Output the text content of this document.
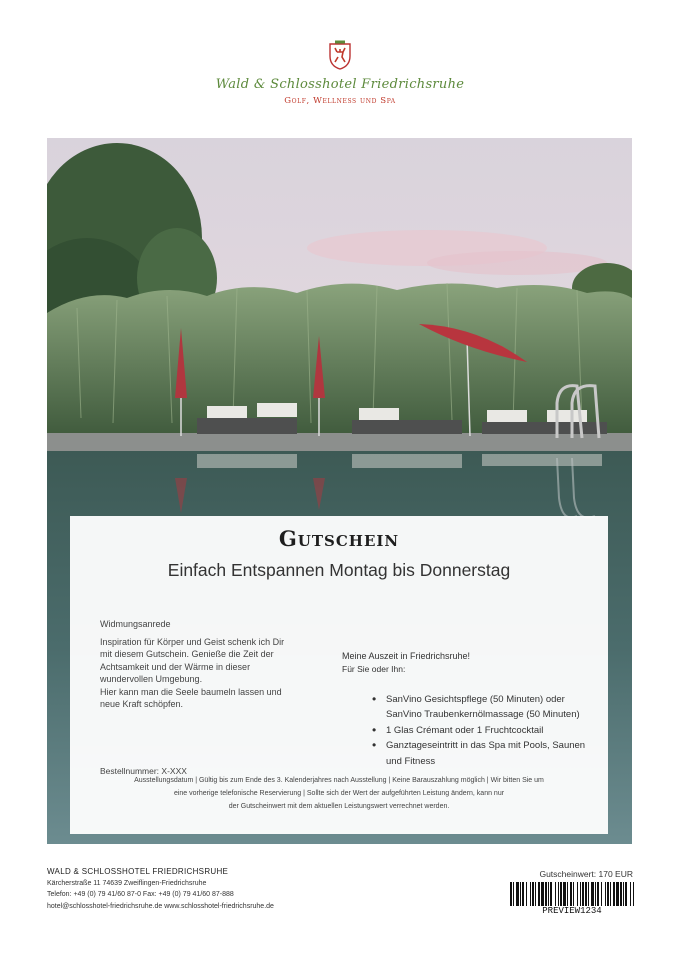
Wald & Schlosshotel Friedrichsruhe
Golf, Wellness und Spa
Gutschein
Einfach Entspannen Montag bis Donnerstag
Widmungsanrede
Inspiration für Körper und Geist schenk ich Dir
mit diesem Gutschein. Genieße die Zeit der
Achtsamkeit und der Wärme in dieser
wundervollen Umgebung.
Hier kann man die Seele baumeln lassen und
neue Kraft schöpfen.
Meine Auszeit in Friedrichsruhe!
Für Sie oder Ihn:
• SanVino Gesichtspflege (50 Minuten) oder SanVino Traubenkernölmassage (50 Minuten)
• 1 Glas Crémant oder 1 Fruchtcocktail
• Ganztageseintritt in das Spa mit Pools, Saunen und Fitness
Bestellnummer: X-XXX
Ausstellungsdatum | Gültig bis zum Ende des 3. Kalenderjahres nach Ausstellung | Keine Barauszahlung möglich | Wir bitten Sie um
eine vorherige telefonische Reservierung | Sollte sich der Wert der aufgeführten Leistung ändern, kann nur
der Gutscheinwert mit dem aktuellen Leistungswert verrechnet werden.
WALD & SCHLOSSHOTEL FRIEDRICHSRUHE
Kärcherstraße 11 74639 Zweiflingen-Friedrichsruhe
Telefon: +49 (0) 79 41/60 87-0 Fax: +49 (0) 79 41/60 87-888
hotel@schlosshotel-friedrichsruhe.de www.schlosshotel-friedrichsruhe.de
Gutscheinwert: 170 EUR
PREVIEW1234
